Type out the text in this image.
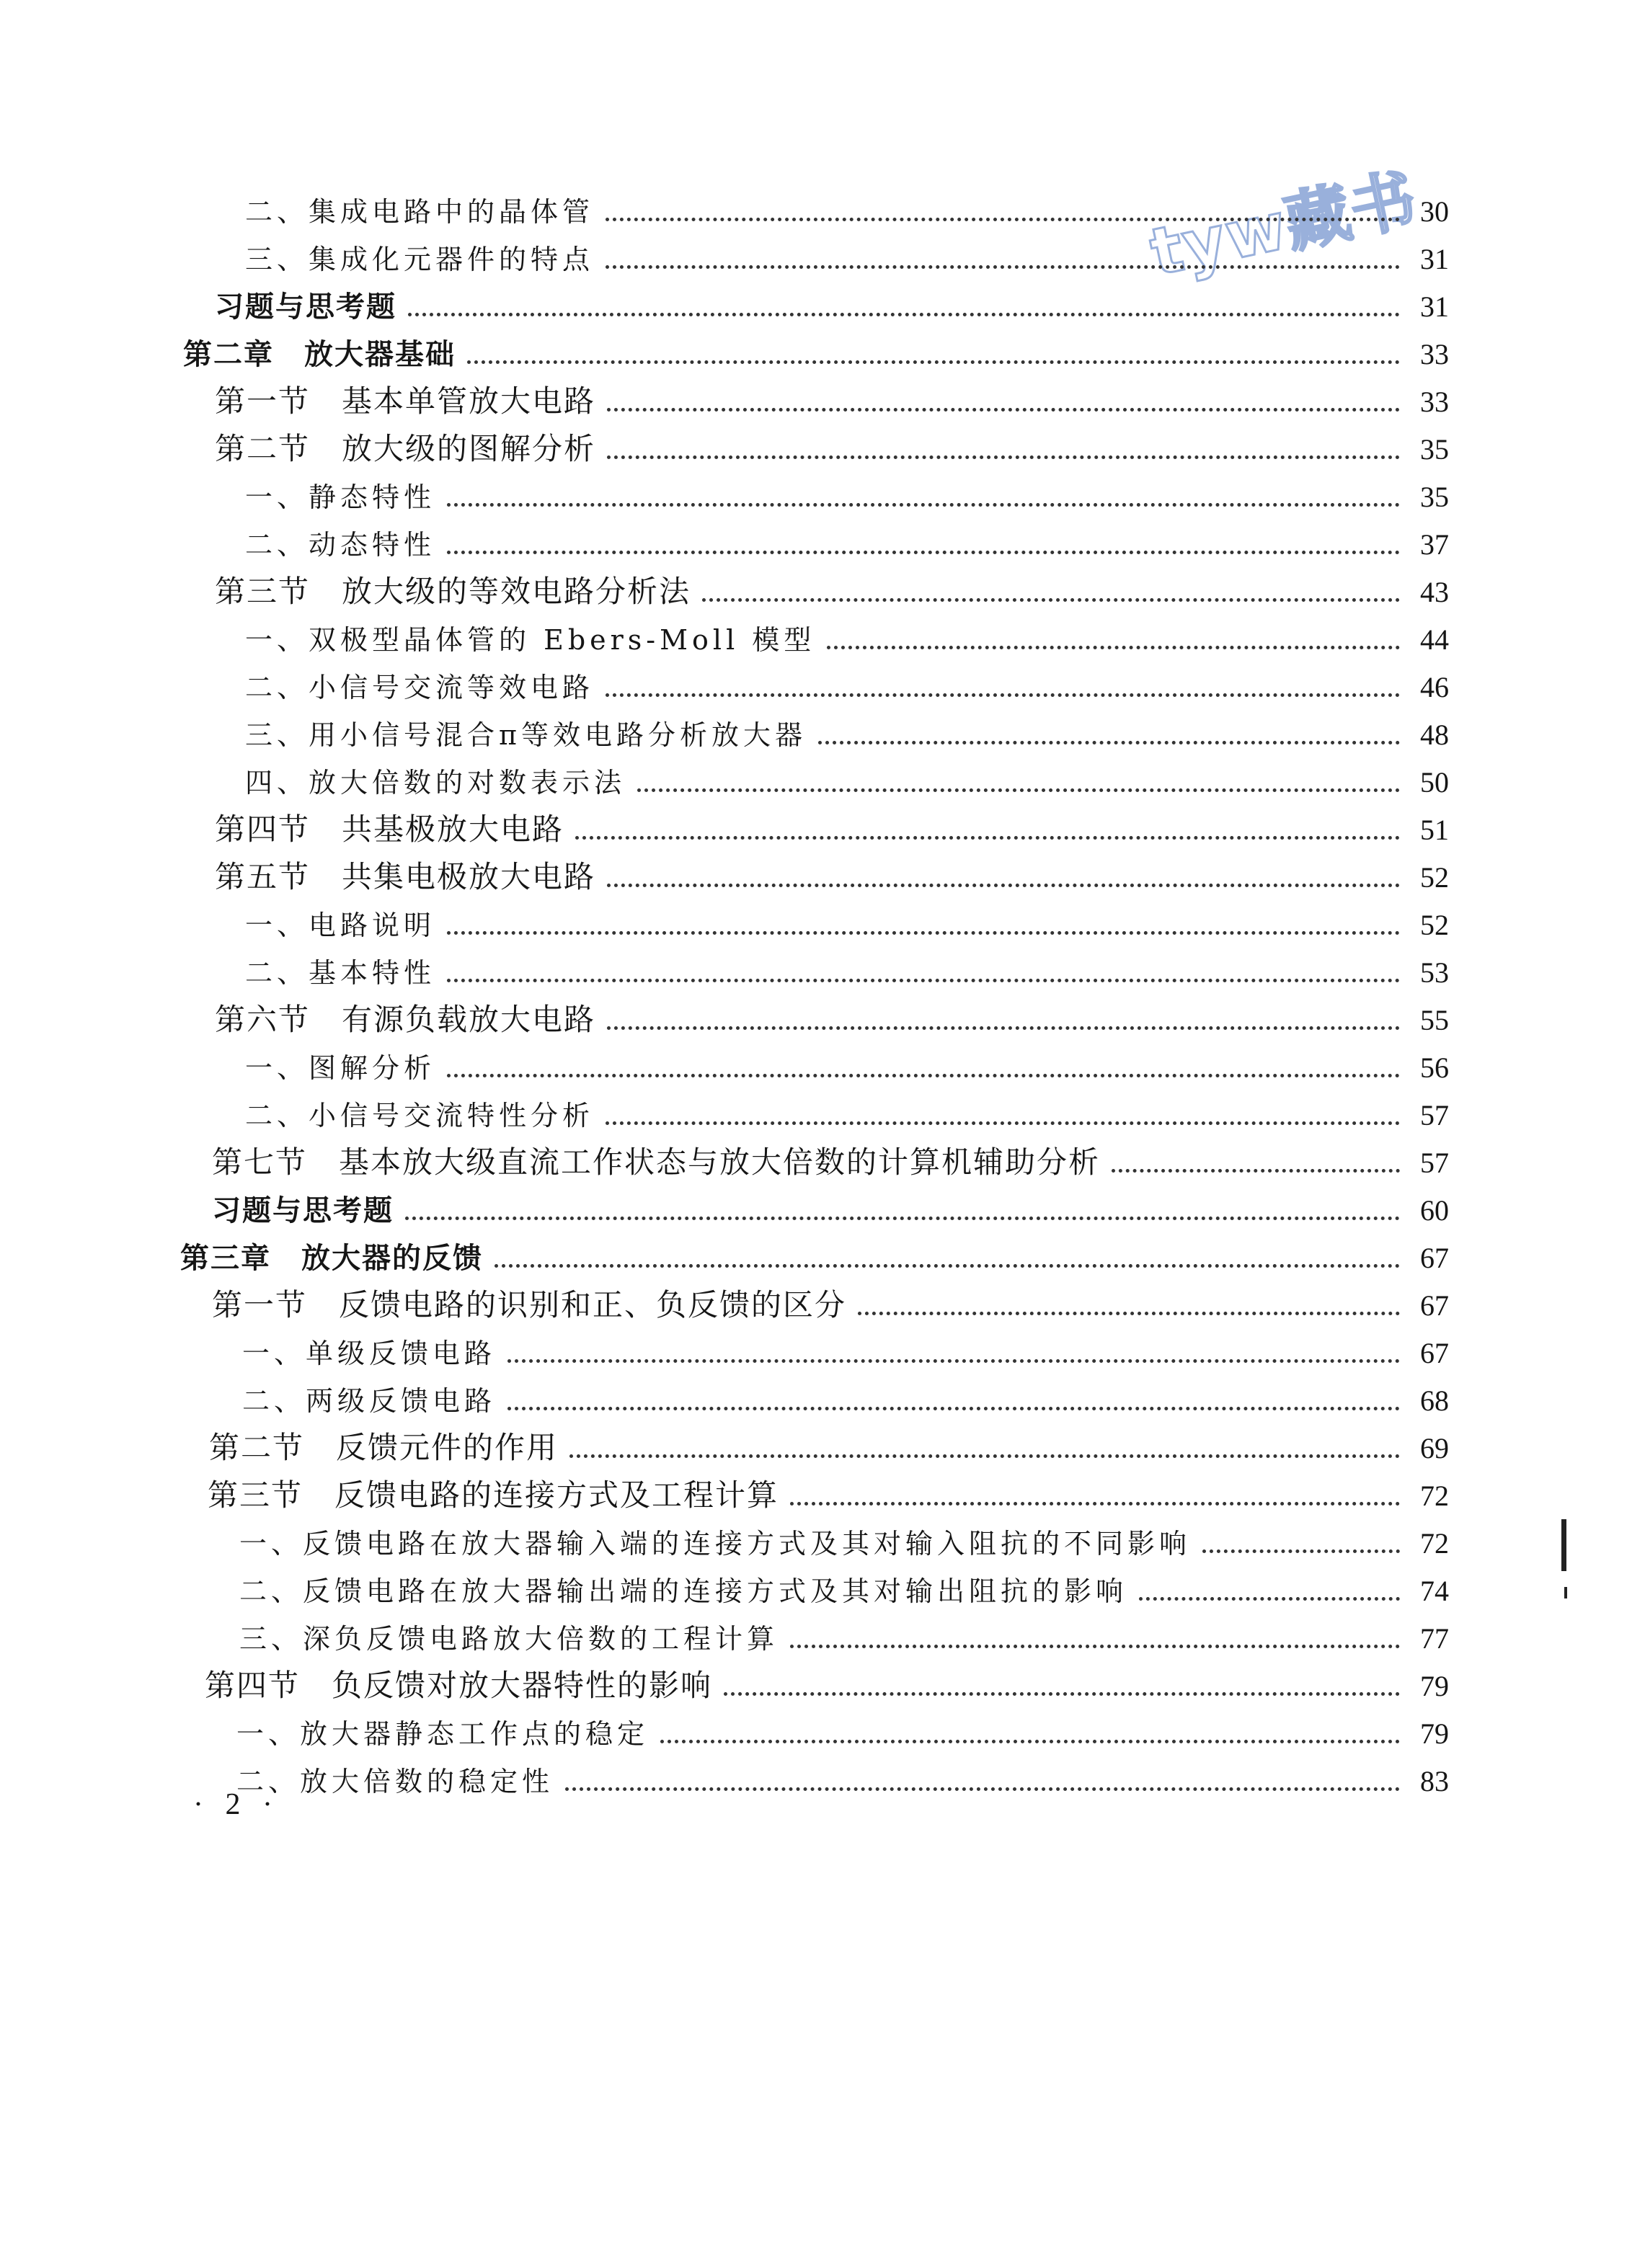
tyw藏书
二、集成电路中的晶体管	30
三、集成化元器件的特点	31
习题与思考题	31
第二章　放大器基础	33
第一节　基本单管放大电路	33
第二节　放大级的图解分析	35
一、静态特性	35
二、动态特性	37
第三节　放大级的等效电路分析法	43
一、双极型晶体管的 Ebers-Moll 模型	44
二、小信号交流等效电路	46
三、用小信号混合π等效电路分析放大器	48
四、放大倍数的对数表示法	50
第四节　共基极放大电路	51
第五节　共集电极放大电路	52
一、电路说明	52
二、基本特性	53
第六节　有源负载放大电路	55
一、图解分析	56
二、小信号交流特性分析	57
第七节　基本放大级直流工作状态与放大倍数的计算机辅助分析	57
习题与思考题	60
第三章　放大器的反馈	67
第一节　反馈电路的识别和正、负反馈的区分	67
一、单级反馈电路	67
二、两级反馈电路	68
第二节　反馈元件的作用	69
第三节　反馈电路的连接方式及工程计算	72
一、反馈电路在放大器输入端的连接方式及其对输入阻抗的不同影响	72
二、反馈电路在放大器输出端的连接方式及其对输出阻抗的影响	74
三、深负反馈电路放大倍数的工程计算	77
第四节　负反馈对放大器特性的影响	79
一、放大器静态工作点的稳定	79
二、放大倍数的稳定性	83
· 2 ·
